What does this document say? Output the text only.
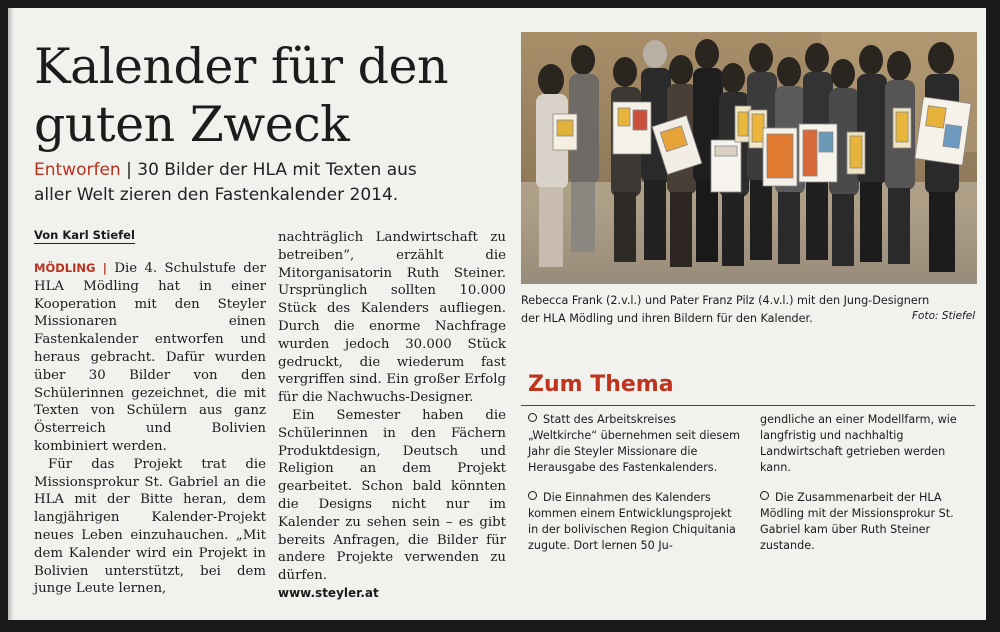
Kalender für den
guten Zweck
Entworfen | 30 Bilder der HLA mit Texten aus
aller Welt zieren den Fastenkalender 2014.
Von Karl Stiefel

MÖDLING | Die 4. Schulstufe der HLA Mödling hat in einer Kooperation mit den Steyler Missionaren einen Fastenkalender entworfen und heraus gebracht. Dafür wurden über 30 Bilder von den Schülerinnen gezeichnet, die mit Texten von Schülern aus ganz Österreich und Bolivien kombiniert werden.

Für das Projekt trat die Missionsprokur St. Gabriel an die HLA mit der Bitte heran, dem langjährigen Kalender-Projekt neues Leben einzuhauchen. „Mit dem Kalender wird ein Projekt in Bolivien unterstützt, bei dem junge Leute lernen,

nachträglich Landwirtschaft zu betreiben“, erzählt die Mitorganisatorin Ruth Steiner. Ursprünglich sollten 10.000 Stück des Kalenders aufliegen. Durch die enorme Nachfrage wurden jedoch 30.000 Stück gedruckt, die wiederum fast vergriffen sind. Ein großer Erfolg für die Nachwuchs-Designer.

Ein Semester haben die Schülerinnen in den Fächern Produktdesign, Deutsch und Religion an dem Projekt gearbeitet. Schon bald könnten die Designs nicht nur im Kalender zu sehen sein – es gibt bereits Anfragen, die Bilder für andere Projekte verwenden zu dürfen.

www.steyler.at

Rebecca Frank (2.v.l.) und Pater Franz Pilz (4.v.l.) mit den Jung-Designern
der HLA Mödling und ihren Bildern für den Kalender.	Foto: Stiefel
Zum Thema

Statt des Arbeitskreises „Weltkirche“ übernehmen seit diesem Jahr die Steyler Missionare die Herausgabe des Fastenkalenders.

Die Einnahmen des Kalenders kommen einem Entwicklungsprojekt in der bolivischen Region Chiquitania zugute. Dort lernen 50 Ju-

gendliche an einer Modellfarm, wie langfristig und nachhaltig Landwirtschaft getrieben werden kann.

Die Zusammenarbeit der HLA Mödling mit der Missionsprokur St. Gabriel kam über Ruth Steiner zustande.
